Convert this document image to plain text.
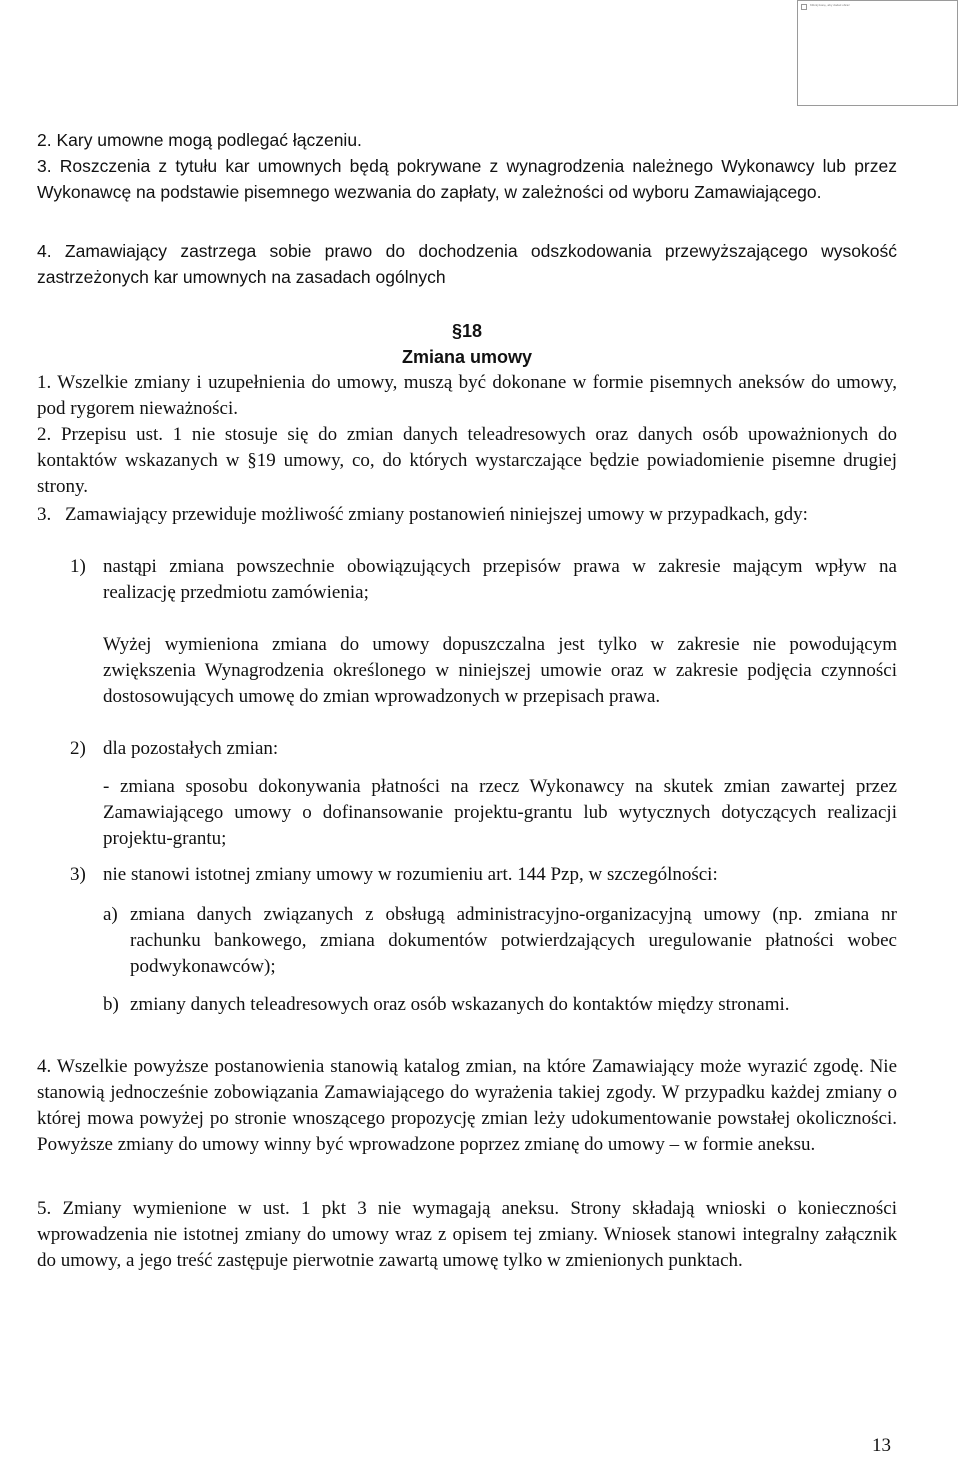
Kliknij ikonę, aby dodać obraz
2. Kary umowne mogą podlegać łączeniu.
3. Roszczenia z tytułu kar umownych będą pokrywane z wynagrodzenia należnego Wykonawcy lub przez Wykonawcę na podstawie pisemnego wezwania do zapłaty, w zależności od wyboru Zamawiającego.
4. Zamawiający zastrzega sobie prawo do dochodzenia odszkodowania przewyższającego wysokość zastrzeżonych kar umownych na zasadach ogólnych
§18
Zmiana umowy
1. Wszelkie zmiany i uzupełnienia do umowy, muszą być dokonane w formie pisemnych aneksów do umowy, pod rygorem nieważności.
2. Przepisu ust. 1 nie stosuje się do zmian danych teleadresowych oraz danych osób upoważnionych do kontaktów wskazanych w §19 umowy, co, do których wystarczające będzie powiadomienie pisemne drugiej strony.
3. Zamawiający przewiduje możliwość zmiany postanowień niniejszej umowy w przypadkach, gdy:
1) nastąpi zmiana powszechnie obowiązujących przepisów prawa w zakresie mającym wpływ na realizację przedmiotu zamówienia;
Wyżej wymieniona zmiana do umowy dopuszczalna jest tylko w zakresie nie powodującym zwiększenia Wynagrodzenia określonego w niniejszej umowie oraz w zakresie podjęcia czynności dostosowujących umowę do zmian wprowadzonych w przepisach prawa.
2) dla pozostałych zmian:
- zmiana sposobu dokonywania płatności na rzecz Wykonawcy na skutek zmian zawartej przez Zamawiającego umowy o dofinansowanie projektu-grantu lub wytycznych dotyczących realizacji projektu-grantu;
3) nie stanowi istotnej zmiany umowy w rozumieniu art. 144 Pzp, w szczególności:
a) zmiana danych związanych z obsługą administracyjno-organizacyjną umowy (np. zmiana nr rachunku bankowego, zmiana dokumentów potwierdzających uregulowanie płatności wobec podwykonawców);
b) zmiany danych teleadresowych oraz osób wskazanych do kontaktów między stronami.
4. Wszelkie powyższe postanowienia stanowią katalog zmian, na które Zamawiający może wyrazić zgodę. Nie stanowią jednocześnie zobowiązania Zamawiającego do wyrażenia takiej zgody. W przypadku każdej zmiany o której mowa powyżej po stronie wnoszącego propozycję zmian leży udokumentowanie powstałej okoliczności. Powyższe zmiany do umowy winny być wprowadzone poprzez zmianę do umowy – w formie aneksu.
5. Zmiany wymienione w ust. 1 pkt 3 nie wymagają aneksu. Strony składają wnioski o konieczności wprowadzenia nie istotnej zmiany do umowy wraz z opisem tej zmiany. Wniosek stanowi integralny załącznik do umowy, a jego treść zastępuje pierwotnie zawartą umowę tylko w zmienionych punktach.
13
